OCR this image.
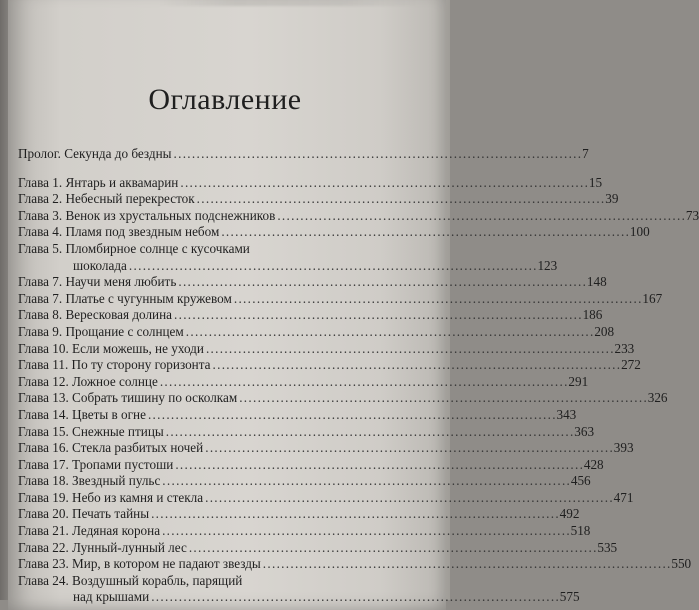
Оглавление
Пролог. Секунда до бездны . . .	7
Глава 1. Янтарь и аквамарин . . .	15
Глава 2. Небесный перекресток . . .	39
Глава 3. Венок из хрустальных подснежников . . .	73
Глава 4. Пламя под звездным небом . . .	100
Глава 5. Пломбирное солнце с кусочками
шоколада . . .	123
Глава 7. Научи меня любить . . .	148
Глава 7. Платье с чугунным кружевом . . .	167
Глава 8. Вересковая долина . . .	186
Глава 9. Прощание с солнцем . . .	208
Глава 10. Если можешь, не уходи . . .	233
Глава 11. По ту сторону горизонта . . .	272
Глава 12. Ложное солнце . . .	291
Глава 13. Собрать тишину по осколкам . . .	326
Глава 14. Цветы в огне . . .	343
Глава 15. Снежные птицы . . .	363
Глава 16. Стекла разбитых ночей . . .	393
Глава 17. Тропами пустоши . . .	428
Глава 18. Звездный пульс . . .	456
Глава 19. Небо из камня и стекла . . .	471
Глава 20. Печать тайны . . .	492
Глава 21. Ледяная корона . . .	518
Глава 22. Лунный-лунный лес . . .	535
Глава 23. Мир, в котором не падают звезды . . .	550
Глава 24. Воздушный корабль, парящий
над крышами . . .	575
